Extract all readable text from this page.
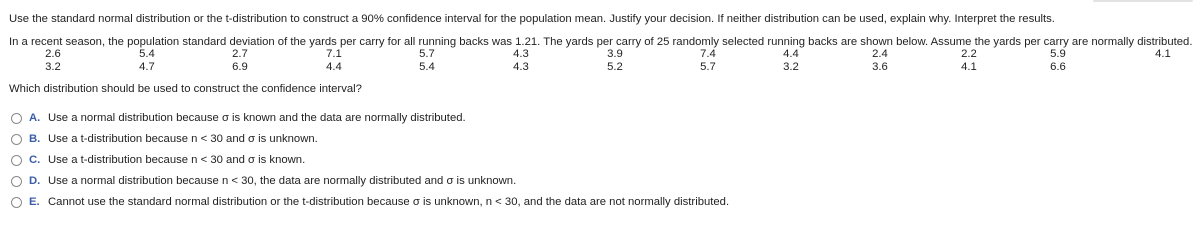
Use the standard normal distribution or the t-distribution to construct a 90% confidence interval for the population mean. Justify your decision. If neither distribution can be used, explain why. Interpret the results.
In a recent season, the population standard deviation of the yards per carry for all running backs was 1.21. The yards per carry of 25 randomly selected running backs are shown below. Assume the yards per carry are normally distributed.
2.6	5.4	2.7	7.1	5.7	4.3	3.9	7.4	4.4	2.4	2.2	5.9	4.1
3.2	4.7	6.9	4.4	5.4	4.3	5.2	5.7	3.2	3.6	4.1	6.6
Which distribution should be used to construct the confidence interval?
A. Use a normal distribution because σ is known and the data are normally distributed.
B. Use a t-distribution because n < 30 and σ is unknown.
C. Use a t-distribution because n < 30 and σ is known.
D. Use a normal distribution because n < 30, the data are normally distributed and σ is unknown.
E. Cannot use the standard normal distribution or the t-distribution because σ is unknown, n < 30, and the data are not normally distributed.
